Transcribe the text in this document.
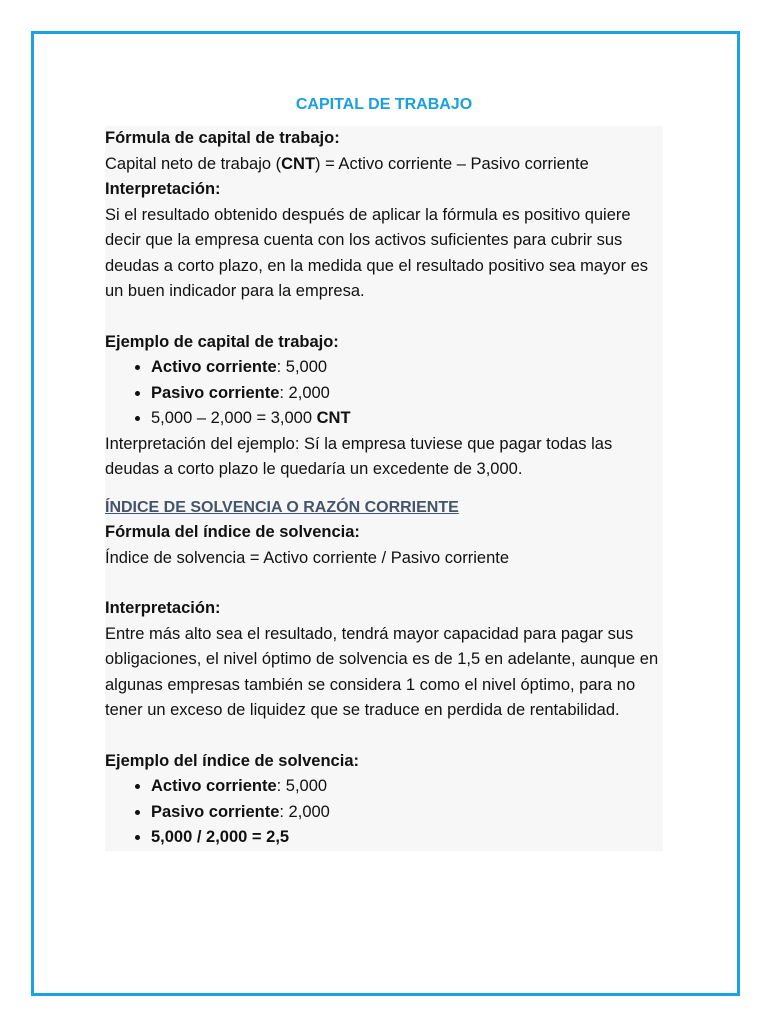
CAPITAL DE TRABAJO

Fórmula de capital de trabajo:

Capital neto de trabajo (CNT) = Activo corriente – Pasivo corriente

Interpretación:

Si el resultado obtenido después de aplicar la fórmula es positivo quiere decir que la empresa cuenta con los activos suficientes para cubrir sus deudas a corto plazo, en la medida que el resultado positivo sea mayor es un buen indicador para la empresa.

Ejemplo de capital de trabajo:

• Activo corriente: 5,000
• Pasivo corriente: 2,000
• 5,000 – 2,000 = 3,000 CNT

Interpretación del ejemplo: Sí la empresa tuviese que pagar todas las deudas a corto plazo le quedaría un excedente de 3,000.

ÍNDICE DE SOLVENCIA O RAZÓN CORRIENTE

Fórmula del índice de solvencia:

Índice de solvencia = Activo corriente / Pasivo corriente

Interpretación:

Entre más alto sea el resultado, tendrá mayor capacidad para pagar sus obligaciones, el nivel óptimo de solvencia es de 1,5 en adelante, aunque en algunas empresas también se considera 1 como el nivel óptimo, para no tener un exceso de liquidez que se traduce en perdida de rentabilidad.

Ejemplo del índice de solvencia:

• Activo corriente: 5,000
• Pasivo corriente: 2,000
• 5,000 / 2,000 = 2,5
